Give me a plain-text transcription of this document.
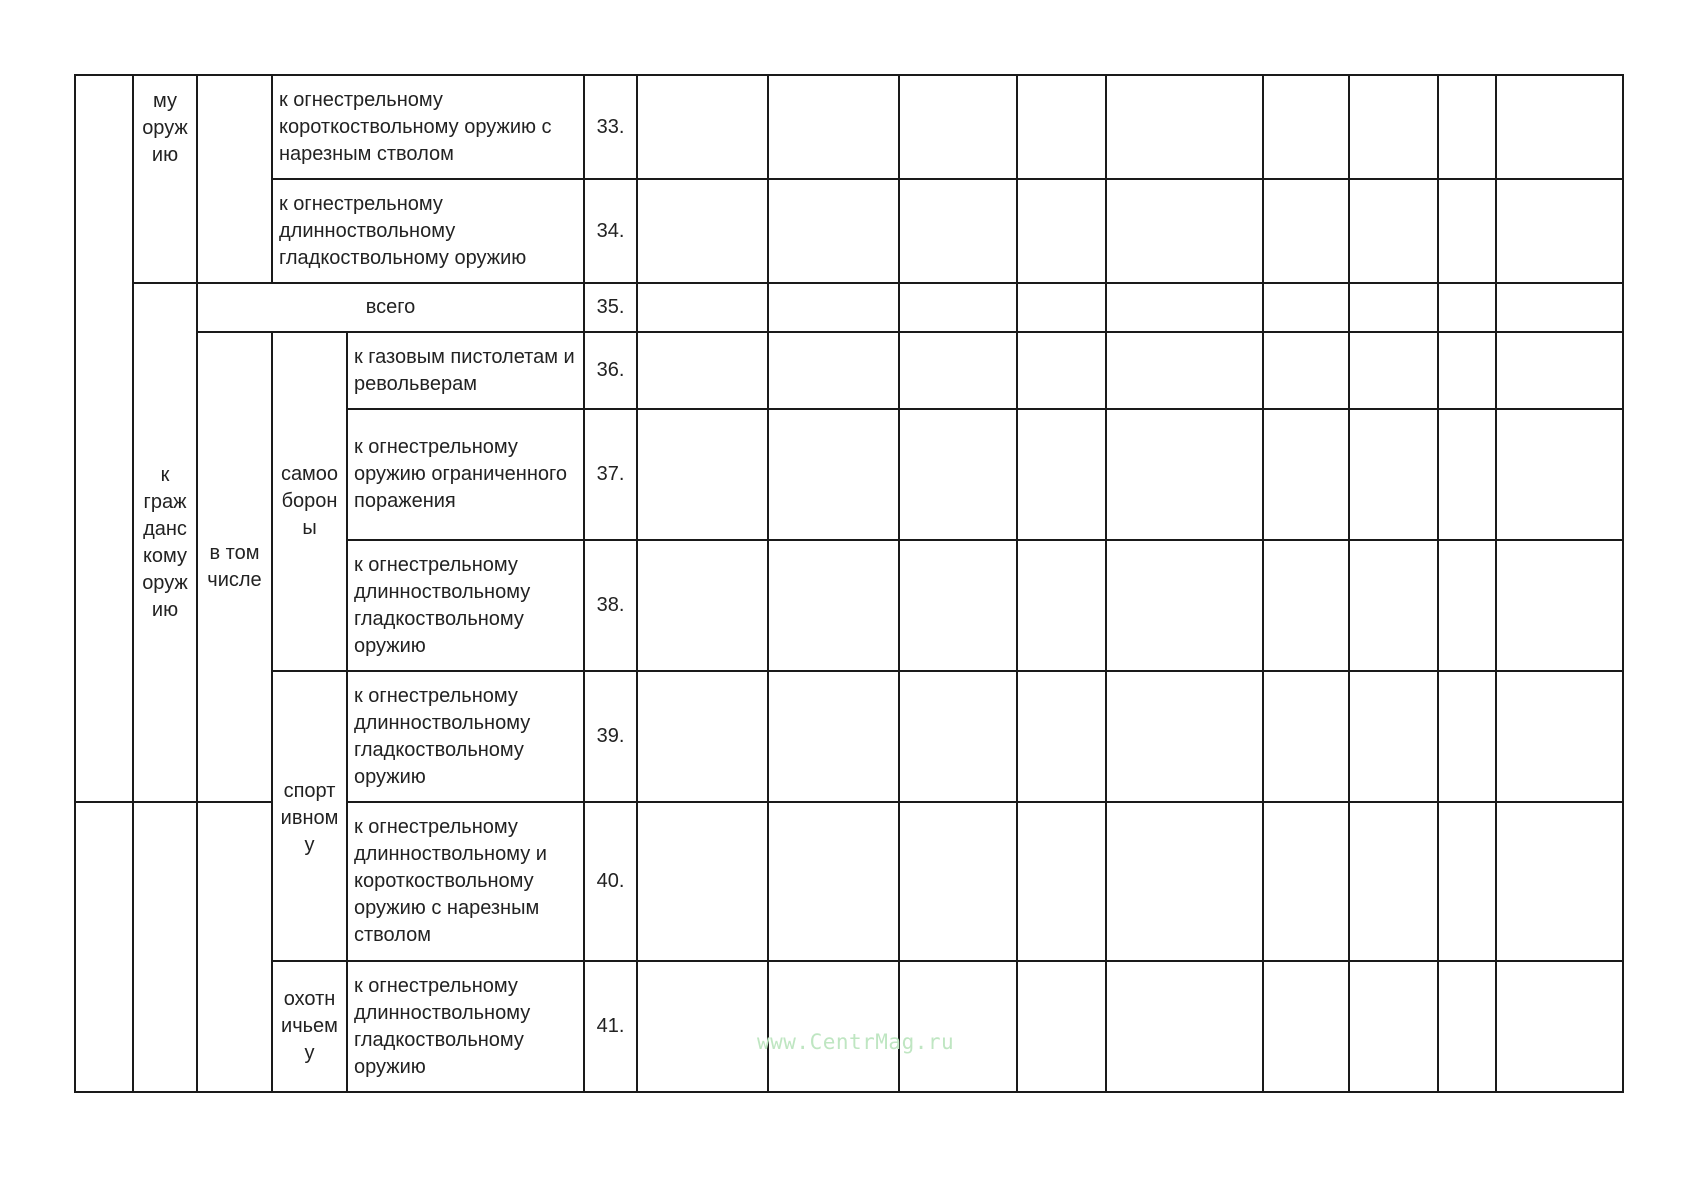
	му оруж ию		к огнестрельному короткоствольному оружию с нарезным стволом		33.									
			к огнестрельному длинноствольному гладкоствольному оружию		34.									
	к граж данс кому оруж ию	всего			35.									
		в том числе	самоо борон ы	к газовым пистолетам и револьверам	36.									
				к огнестрельному оружию ограниченного поражения	37.									
				к огнестрельному длинноствольному гладкоствольному оружию	38.									
			спорт ивном у	к огнестрельному длинноствольному гладкоствольному оружию	39.									
				к огнестрельному длинноствольному и короткоствольному оружию с нарезным стволом	40.									
			охотн ичьем у	к огнестрельному длинноствольному гладкоствольному оружию	41.									
www.CentrMag.ru
